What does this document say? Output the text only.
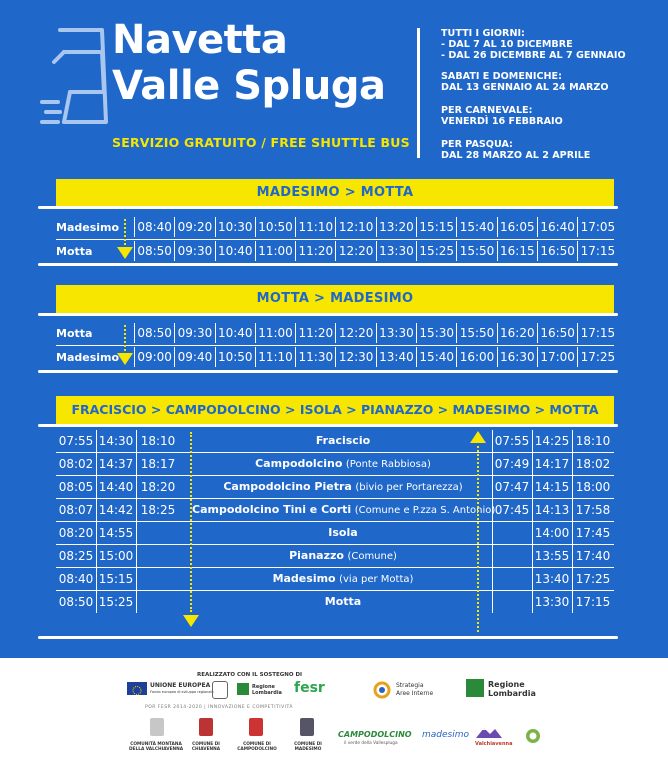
Navetta
Valle Spluga
SERVIZIO GRATUITO / FREE SHUTTLE BUS
TUTTI I GIORNI:
- DAL 7 AL 10 DICEMBRE
- DAL 26 DICEMBRE AL 7 GENNAIO
SABATI E DOMENICHE:
DAL 13 GENNAIO AL 24 MARZO
PER CARNEVALE:
VENERDÌ 16 FEBBRAIO
PER PASQUA:
DAL 28 MARZO AL 2 APRILE
MADESIMO > MOTTA
Madesimo	08:40 09:20 10:30 10:50 11:10 12:10 13:20 15:15 15:40 16:05 16:40 17:05
Motta	08:50 09:30 10:40 11:00 11:20 12:20 13:30 15:25 15:50 16:15 16:50 17:15
MOTTA > MADESIMO
Motta	08:50 09:30 10:40 11:00 11:20 12:20 13:30 15:30 15:50 16:20 16:50 17:15
Madesimo	09:00 09:40 10:50 11:10 11:30 12:30 13:40 15:40 16:00 16:30 17:00 17:25
FRACISCIO > CAMPODOLCINO > ISOLA > PIANAZZO > MADESIMO > MOTTA
07:55 14:30 18:10	Fraciscio	07:55 14:25 18:10
08:02 14:37 18:17	Campodolcino (Ponte Rabbiosa)	07:49 14:17 18:02
08:05 14:40 18:20	Campodolcino Pietra (bivio per Portarezza)	07:47 14:15 18:00
08:07 14:42 18:25	Campodolcino Tini e Corti (Comune e P.zza S. Antonio) 07:45 14:13 17:58
08:20 14:55	Isola	14:00 17:45
08:25 15:00	Pianazzo (Comune)	13:55 17:40
08:40 15:15	Madesimo (via per Motta)	13:40 17:25
08:50 15:25	Motta	13:30 17:15
REALIZZATO CON IL SOSTEGNO DI
UNIONE EUROPEA
Fondo europeo di sviluppo regionale
Regione Lombardia fesr	Strategia Aree Interne
Regione Lombardia
POR FESR 2014-2020 | INNOVAZIONE E COMPETITIVITÀ
COMUNITÀ MONTANA DELLA VALCHIAVENNA
COMUNE DI CHIAVENNA
COMUNE DI CAMPODOLCINO
COMUNE DI MADESIMO
CAMPODOLCINO
il verde della Vallespluga
madesimo
Valchiavenna
